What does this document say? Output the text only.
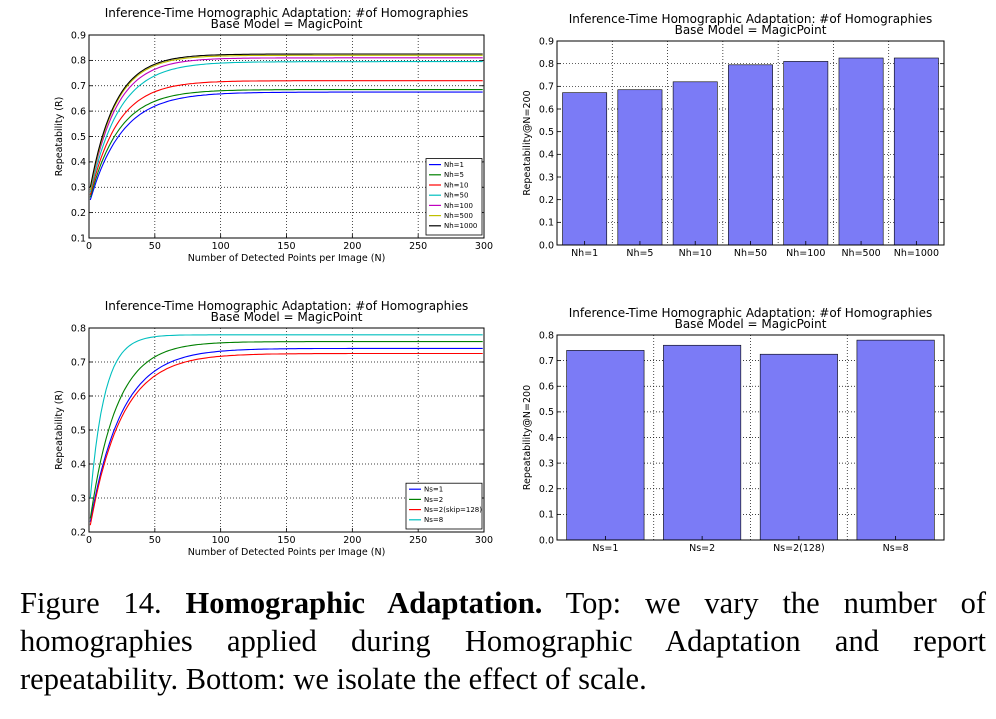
Inference-Time Homographic Adaptation: #of Homographies
Base Model = MagicPoint
0.1
0.2
0.3
0.4
0.5
0.6
0.7
0.8
0.9
Repeatability (R)
0	50	100	150	200	250	300
Number of Detected Points per Image (N)
Nh=1
Nh=5
Nh=10
Nh=50
Nh=100
Nh=500
Nh=1000
Inference-Time Homographic Adaptation: #of Homographies
Base Model = MagicPoint
0.0
0.1
0.2
0.3
0.4
0.5
0.6
0.7
0.8
0.9
Repeatability@N=200
Nh=1	Nh=5	Nh=10 Nh=50 Nh=100 Nh=500 Nh=1000
Inference-Time Homographic Adaptation: #of Homographies
Base Model = MagicPoint
0.2
0.3
0.4
0.5
0.6
0.7
0.8
Repeatability (R)
0	50	100	150	200	250	300
Number of Detected Points per Image (N)
Ns=1
Ns=2
Ns=2(skip=128)
Ns=8
Inference-Time Homographic Adaptation: #of Homographies
Base Model = MagicPoint
0.0
0.1
0.2
0.3
0.4
0.5
0.6
0.7
0.8
Repeatability@N=200
Ns=1	Ns=2	Ns=2(128)	Ns=8
Figure 14. Homographic Adaptation. Top: we vary the number of homographies applied during Homographic Adaptation and report repeatability. Bottom: we isolate the effect of scale.
